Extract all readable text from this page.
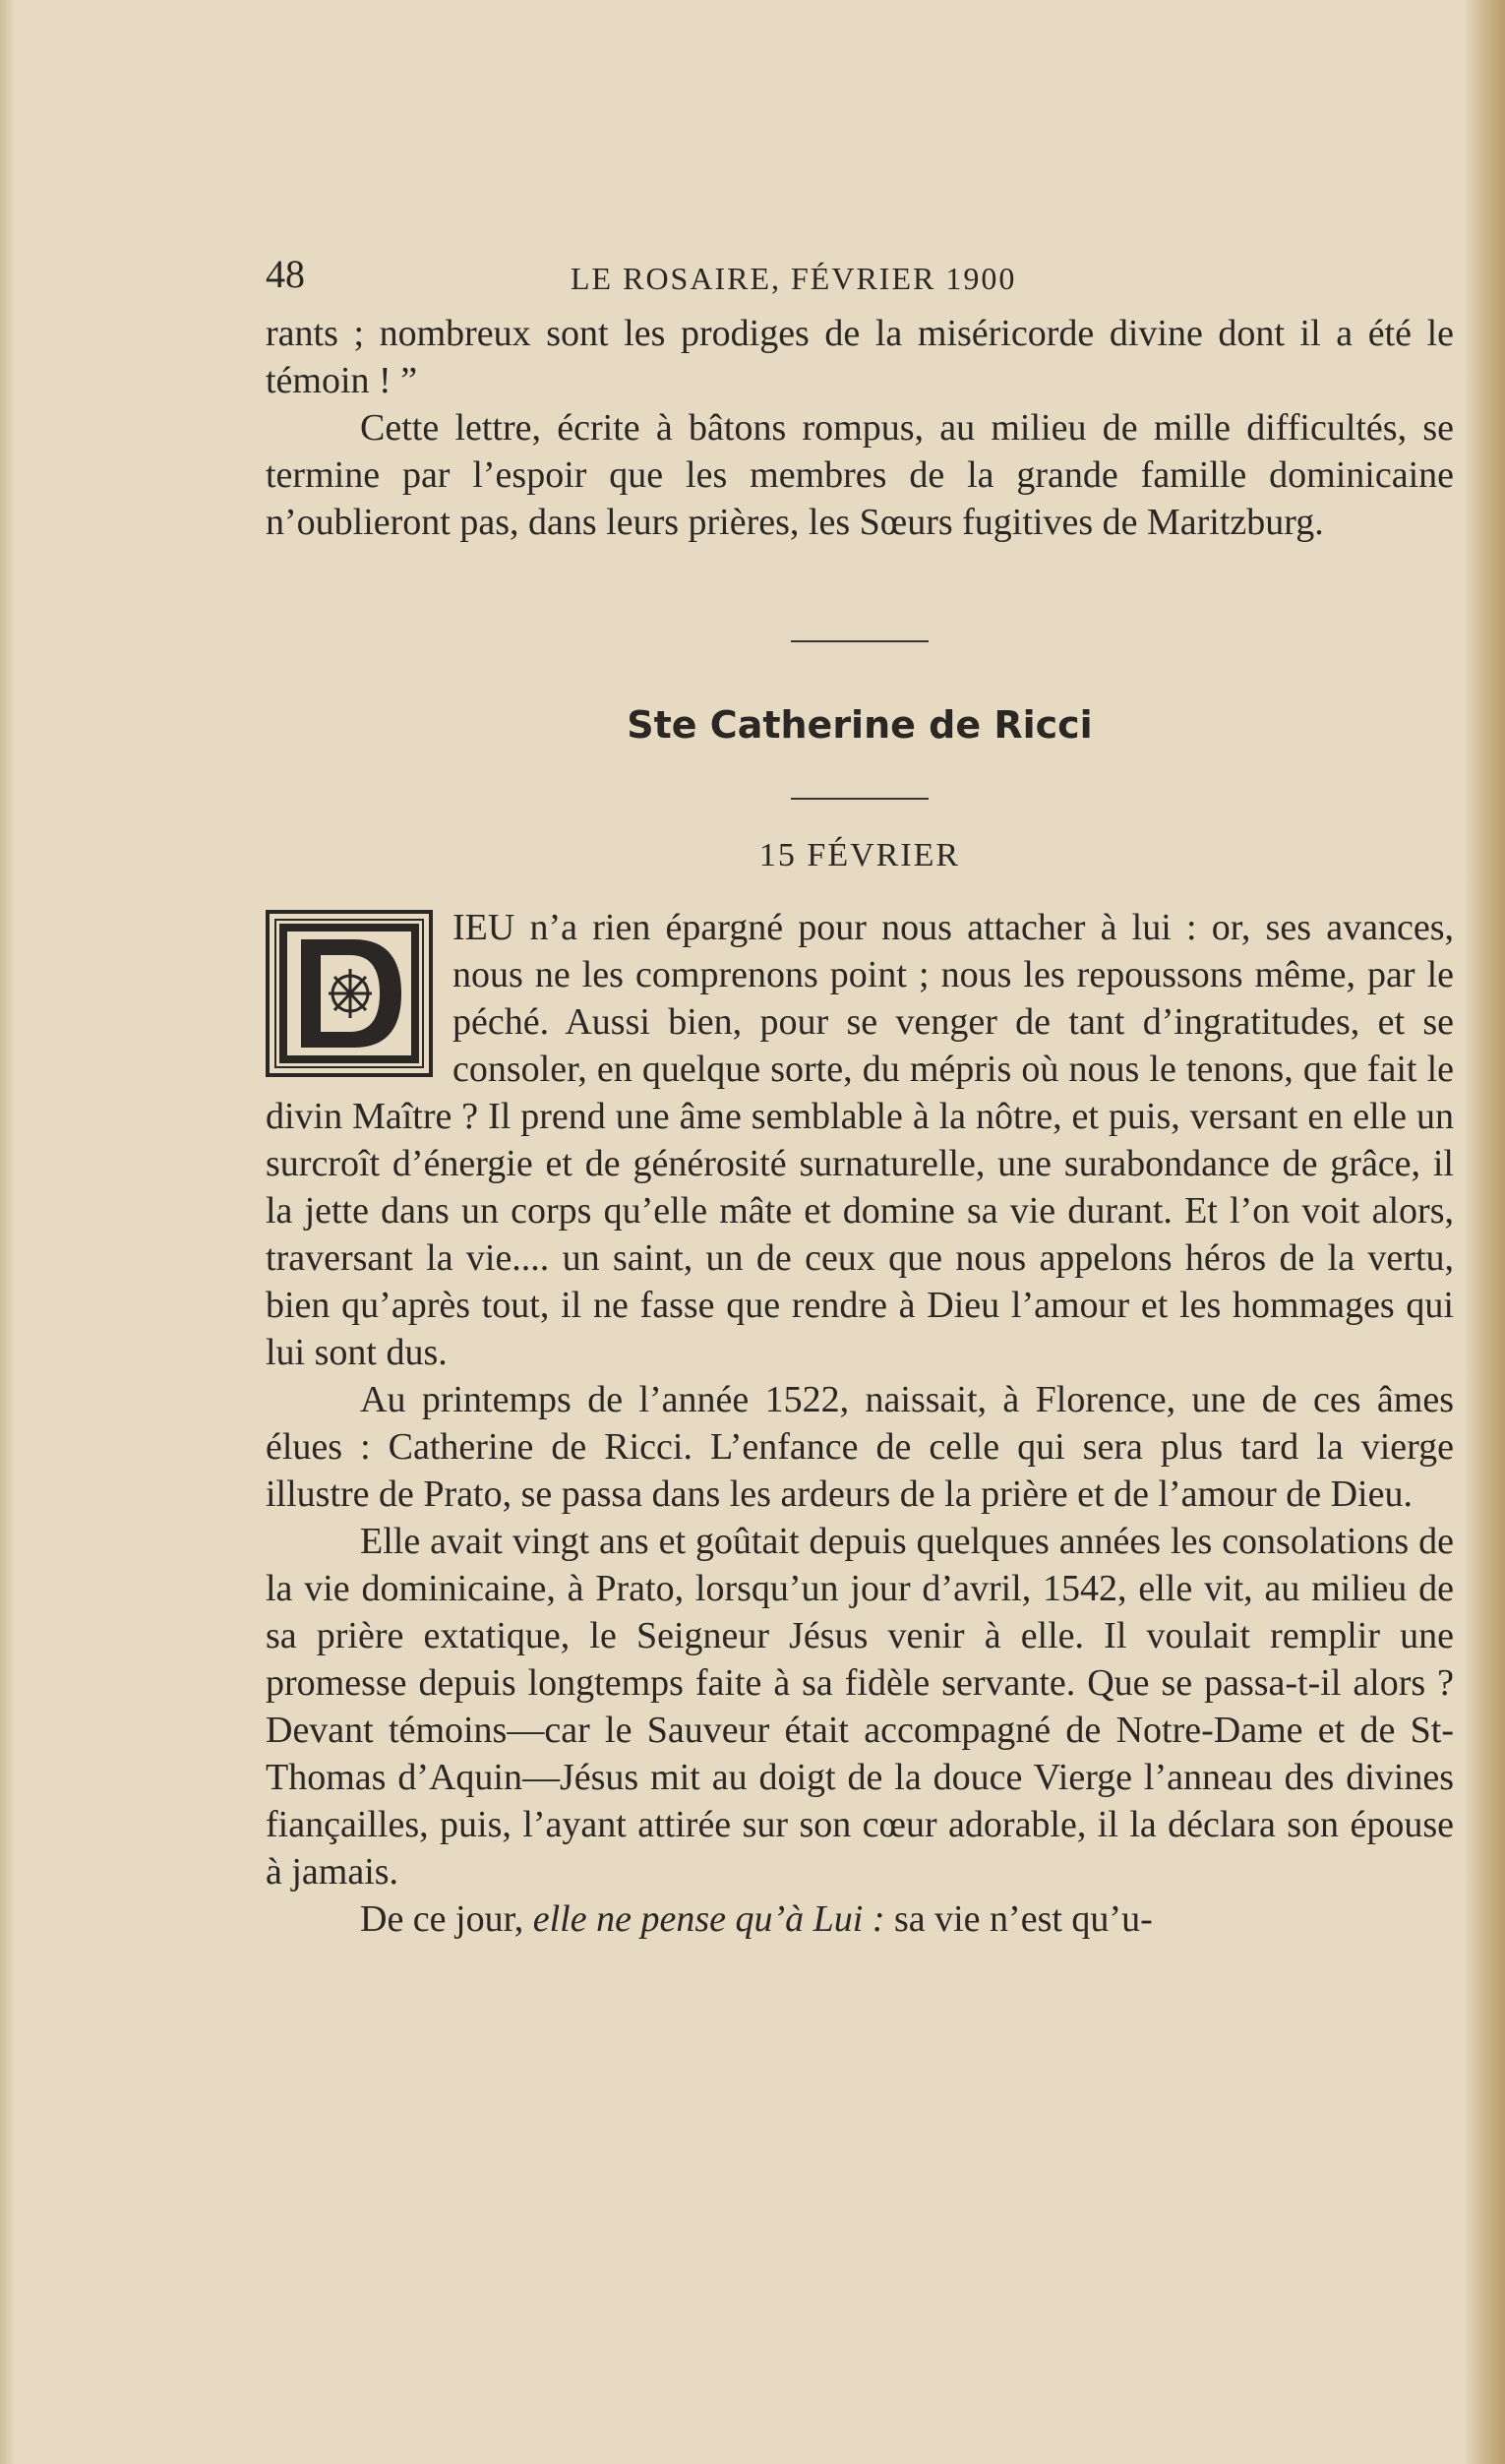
48	LE ROSAIRE, FÉVRIER 1900

rants ; nombreux sont les prodiges de la miséricorde divine dont il a été le témoin ! ”

Cette lettre, écrite à bâtons rompus, au milieu de mille difficultés, se termine par l’espoir que les membres de la grande famille dominicaine n’oublieront pas, dans leurs prières, les Sœurs fugitives de Maritzburg.

Ste Catherine de Ricci

15 FÉVRIER

IEU n’a rien épargné pour nous attacher à lui : or, ses avances, nous ne les comprenons point ; nous les repoussons même, par le péché. Aussi bien, pour se venger de tant d’ingratitudes, et se consoler, en quelque sorte, du mépris où nous le tenons, que fait le divin Maître ? Il prend une âme semblable à la nôtre, et puis, versant en elle un surcroît d’énergie et de générosité surnaturelle, une surabondance de grâce, il la jette dans un corps qu’elle mâte et domine sa vie durant. Et l’on voit alors, traversant la vie.... un saint, un de ceux que nous appelons héros de la vertu, bien qu’après tout, il ne fasse que rendre à Dieu l’amour et les hommages qui lui sont dus.

Au printemps de l’année 1522, naissait, à Florence, une de ces âmes élues : Catherine de Ricci. L’enfance de celle qui sera plus tard la vierge illustre de Prato, se passa dans les ardeurs de la prière et de l’amour de Dieu.

Elle avait vingt ans et goûtait depuis quelques années les consolations de la vie dominicaine, à Prato, lorsqu’un jour d’avril, 1542, elle vit, au milieu de sa prière extatique, le Seigneur Jésus venir à elle. Il voulait remplir une promesse depuis longtemps faite à sa fidèle servante. Que se passa-t-il alors ? Devant témoins—car le Sauveur était accompagné de Notre-Dame et de St-Thomas d’Aquin—Jésus mit au doigt de la douce Vierge l’anneau des divines fiançailles, puis, l’ayant attirée sur son cœur adorable, il la déclara son épouse à jamais.

De ce jour, elle ne pense qu’à Lui : sa vie n’est qu’u-
